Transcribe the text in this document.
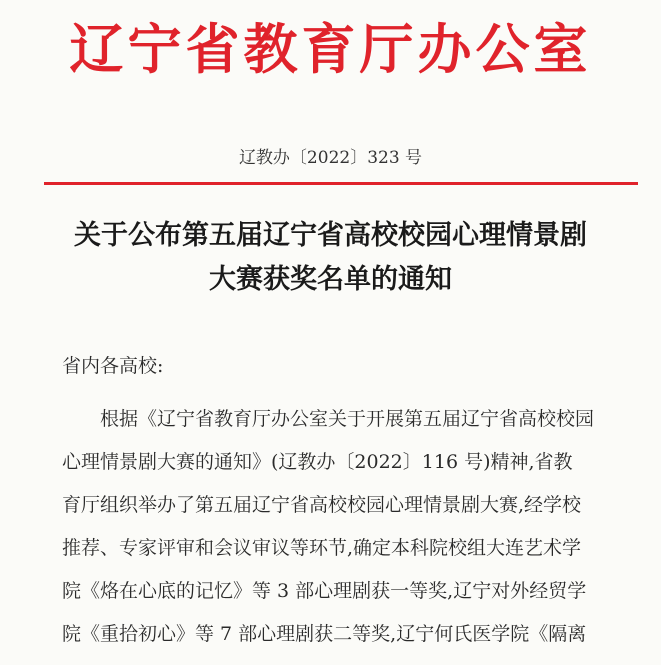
辽宁省教育厅办公室
辽教办〔2022〕323 号
关于公布第五届辽宁省高校校园心理情景剧
大赛获奖名单的通知
省内各高校:
根据《辽宁省教育厅办公室关于开展第五届辽宁省高校校园
心理情景剧大赛的通知》(辽教办〔2022〕116 号)精神,省教
育厅组织举办了第五届辽宁省高校校园心理情景剧大赛,经学校
推荐、专家评审和会议审议等环节,确定本科院校组大连艺术学
院《烙在心底的记忆》等 3 部心理剧获一等奖,辽宁对外经贸学
院《重拾初心》等 7 部心理剧获二等奖,辽宁何氏医学院《隔离
